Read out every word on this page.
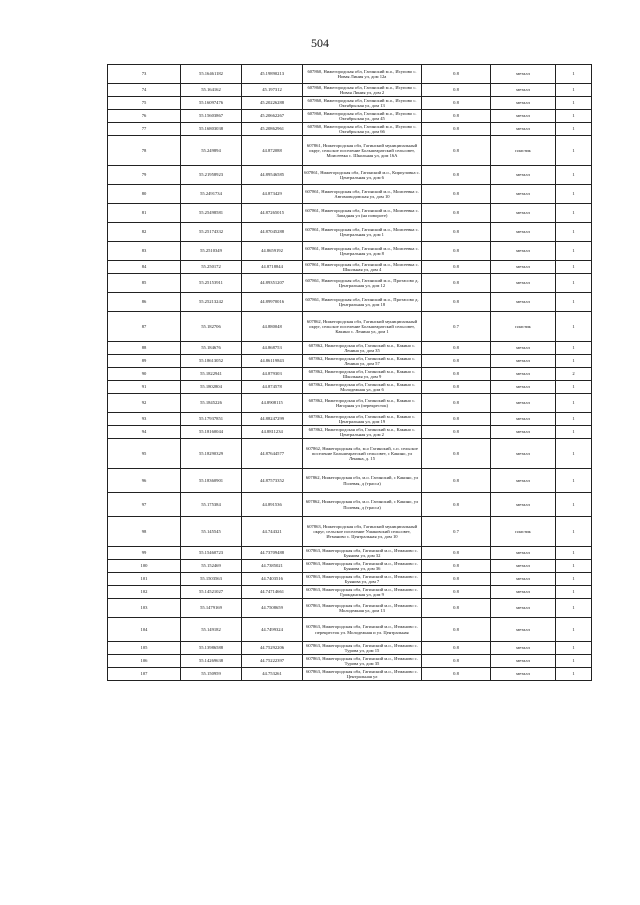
504
73	55.16461182	45.19890213	607860, Нижегородская обл, Гагинский м.о., Исупово с. Новая Линия ул, дом 12а	0.8	металл	1
74	55.164162	45.197312	607860, Нижегородская обл, Гагинский м.о., Исупово с. Новая Линия ул, дом 2	0.8	металл	1
75	55.16097476	45.20226288	607860, Нижегородская обл, Гагинский м.о., Исупово с. Октябрьская ул, дом 13	0.8	металл	1
76	55.15603867	45.20662267	607860, Нижегородская обл, Гагинский м.о., Исупово с. Октябрьская ул, дом 45	0.8	металл	1
77	55.16803038	45.20862961	607860, Нижегородская обл, Гагинский м.о., Исупово с. Октябрьская ул, дом 66	0.8	металл	1
78	55.249894	44.872088	607861, Нижегородская обл, Гагинский муниципальный округ, сельское поселение Большеаратский сельсовет, Моисеевка с. Школьная ул, дом 16А	0.8	пластик	1
79	55.21958923	44.89546585	607861, Нижегородская обл, Гагинский м.о., Кирпуловка с. Центральная ул, дом 6	0.8	металл	1
80	55.2491734	44.873429	607861, Нижегородская обл, Гагинский м.о., Моисеевка с. Автомоводовская ул, дом 10	0.8	металл	1
81	55.25498581	44.87265015	607861, Нижегородская обл, Гагинский м.о., Моисеевка с. Западная ул (на повороте)	0.8	металл	1
82	55.25174332	44.87045288	607861, Нижегородская обл, Гагинский м.о., Моисеевка с. Центральная ул, дом 1	0.8	металл	1
83	55.2510349	44.8659192	607861, Нижегородская обл, Гагинский м.о., Моисеевка с. Центральная ул, дом 8	0.8	металл	1
84	55.250172	44.8718844	607861, Нижегородская обл, Гагинский м.о., Моисеевка с. Школьная ул, дом 4	0.8	металл	1
85	55.25153911	44.89351207	607861, Нижегородская обл, Гагинский м.о., Протасово д. Центральная ул, дом 12	0.8	металл	1
86	55.25213242	44.89970016	607861, Нижегородская обл, Гагинский м.о., Протасово д. Центральная ул, дом 18	0.8	металл	1
87	55.182706	44.880048	607862, Нижегородская обл, Гагинский муниципальный округ, сельское поселение Большеаратский сельсовет, Какино с. Ленина ул, дом 1	0.7	пластик	1
88	55.184676	44.868753	607862, Нижегородская обл, Гагинский м.о., Какино с. Ленина ул, дом 35	0.8	металл	1
89	55.18613052	44.86119843	607862, Нижегородская обл, Гагинский м.о., Какино с. Ленина ул, дом 57	0.8	металл	1
90	55.1822941	44.879303	607862, Нижегородская обл, Гагинский м.о., Какино с. Школьная ул, дом 9	0.8	металл	2
91	55.1802804	44.874578	607862, Нижегородская обл, Гагинский м.о., Какино с. Молодежная ул, дом 6	0.8	металл	1
92	55.1845226	44.8908115	607862, Нижегородская обл, Гагинский м.о., Какино с. Нагорная ул (перекресток)	0.8	металл	1
93	55.17937851	44.88247299	607862, Нижегородская обл, Гагинский м.о., Какино с. Центральная ул, дом 19	0.8	металл	1
94	55.18160044	44.8811234	607862, Нижегородская обл, Гагинский м.о., Какино с. Центральная ул, дом 2	0.8	металл	1
95	55.18290329	44.87644577	607862, Нижегородская обл, м.о Гагинский, с.п. сельское поселение Большеаратский сельсовет, с Какино, ул Ленина, д. 15	0.8	металл	1
96	55.18360901	44.87573352	607862, Нижегородская обл, м.о. Гагинский, с Какино, ул Полевая, д (трасса)	0.8	металл	1
97	55.175384	44.891536	607862, Нижегородская обл, м.о. Гагинский, с Какино, ул Полевая, д (трасса)	0.8	металл	1
98	55.145545	44.744321	607863, Нижегородская обл, Гагинский муниципальный округ, сельское поселение Ушаковский сельсовет, Итманово с. Центральная ул, дом 10	0.7	пластик	1
99	55.15460723	44.73709488	607863, Нижегородская обл, Гагинский м.о., Итманово с. Буянова ул, дом 32	0.8	металл	1
100	55.152469	44.7385021	607863, Нижегородская обл, Гагинский м.о., Итманово с. Буянова ул, дом 36	0.8	металл	1
101	55.1503563	44.7403516	607863, Нижегородская обл, Гагинский м.о., Итманово с. Буянова ул, дом 7	0.8	металл	1
102	55.14521027	44.74714661	607863, Нижегородская обл, Гагинский м.о., Итманово с. Гражданская ул, дом 9	0.8	металл	1
103	55.1479169	44.7508659	607863, Нижегородская обл, Гагинский м.о., Итманово с. Молодежная ул, дом 13	0.8	металл	1
104	55.149182	44.7499324	607863, Нижегородская обл, Гагинский м.о., Итманово с. перекресток ул. Молодежная и ул. Центральная	0.8	металл	1
105	55.13986588	44.75292206	607863, Нижегородская обл, Гагинский м.о., Итманово с. Турова ул, дом 15	0.8	металл	1
106	55.14269638	44.75222397	607863, Нижегородская обл, Гагинский м.о., Итманово с. Турова ул, дом 35	0.8	металл	1
107	55.150959	44.753261	607863, Нижегородская обл, Гагинский м.о., Итманово с. Центральная ул	0.8	металл	1
